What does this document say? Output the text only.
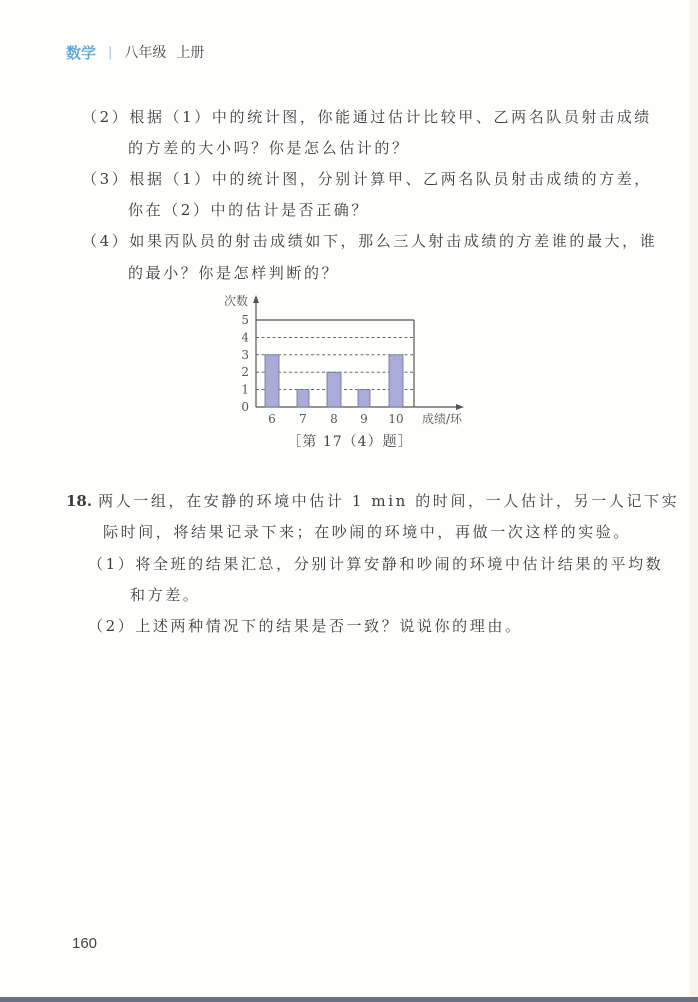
数学 | 八年级 上册
（2）根据（1）中的统计图，你能通过估计比较甲、乙两名队员射击成绩
的方差的大小吗？你是怎么估计的？
（3）根据（1）中的统计图，分别计算甲、乙两名队员射击成绩的方差，
你在（2）中的估计是否正确？
（4）如果丙队员的射击成绩如下，那么三人射击成绩的方差谁的最大，谁
的最小？你是怎样判断的？
次数
0
1
2
3
4
5
6 7 8 9 10 成绩/环
［第 17（4）题］
18. 两人一组，在安静的环境中估计 1 min 的时间，一人估计，另一人记下实
际时间，将结果记录下来；在吵闹的环境中，再做一次这样的实验。
（1）将全班的结果汇总，分别计算安静和吵闹的环境中估计结果的平均数
和方差。
（2）上述两种情况下的结果是否一致？说说你的理由。
160
